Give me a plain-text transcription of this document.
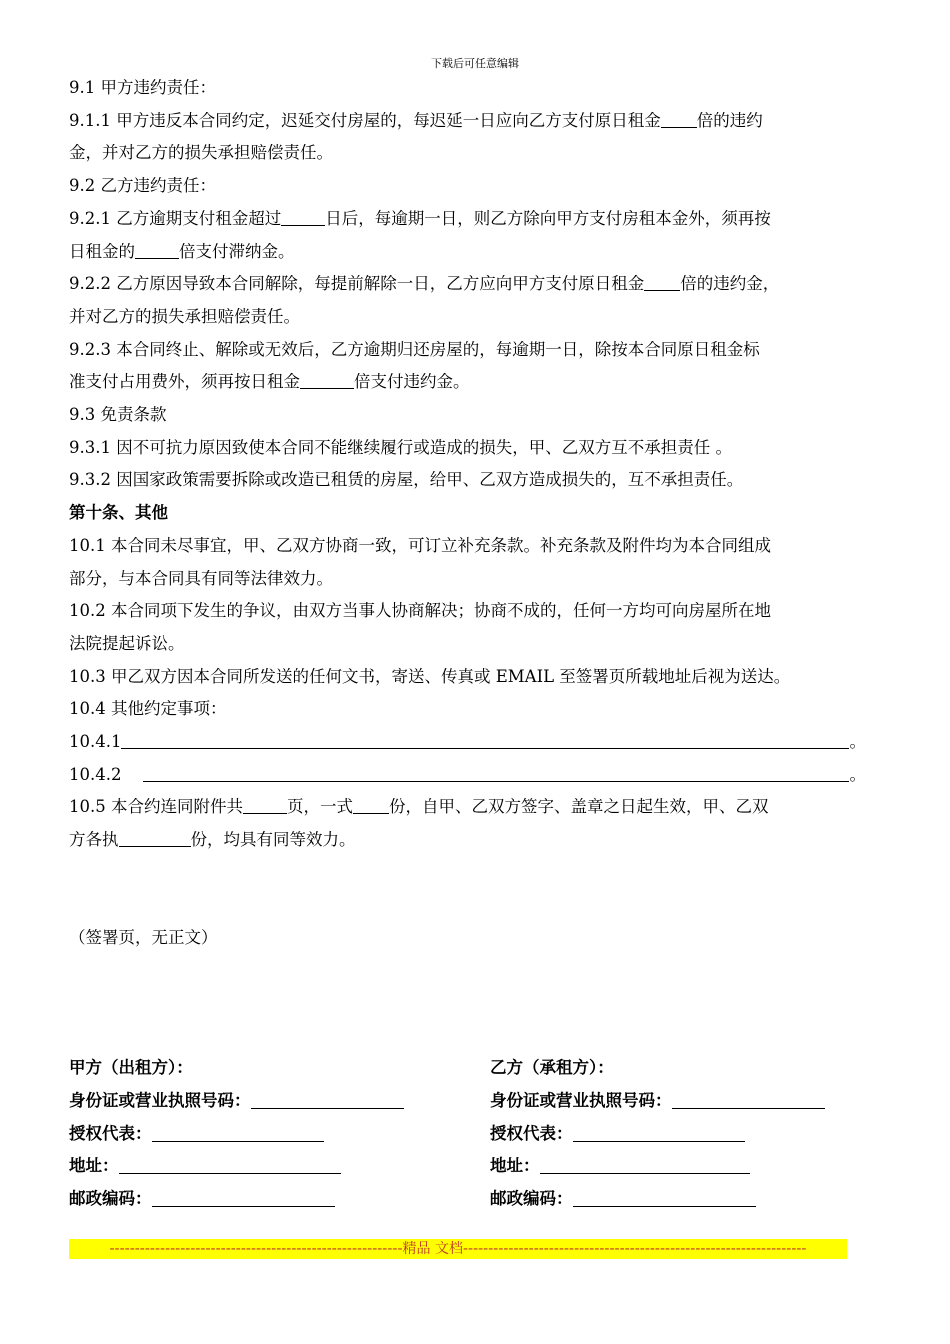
下载后可任意编辑

9.1 甲方违约责任：

9.1.1 甲方违反本合同约定，迟延交付房屋的，每迟延一日应向乙方支付原日租金 倍的违约

金，并对乙方的损失承担赔偿责任。

9.2 乙方违约责任：

9.2.1 乙方逾期支付租金超过	日后，每逾期一日，则乙方除向甲方支付房租本金外，须再按

日租金的	倍支付滞纳金。

9.2.2 乙方原因导致本合同解除，每提前解除一日，乙方应向甲方支付原日租金 倍的违约金，

并对乙方的损失承担赔偿责任。

9.2.3 本合同终止、解除或无效后，乙方逾期归还房屋的，每逾期一日，除按本合同原日租金标

准支付占用费外，须再按日租金	倍支付违约金。

9.3 免责条款

9.3.1 因不可抗力原因致使本合同不能继续履行或造成的损失，甲、乙双方互不承担责任 。

9.3.2 因国家政策需要拆除或改造已租赁的房屋，给甲、乙双方造成损失的，互不承担责任。

第十条、其他

10.1 本合同未尽事宜，甲、乙双方协商一致，可订立补充条款。补充条款及附件均为本合同组成

部分，与本合同具有同等法律效力。

10.2 本合同项下发生的争议，由双方当事人协商解决；协商不成的，任何一方均可向房屋所在地

法院提起诉讼。

10.3 甲乙双方因本合同所发送的任何文书，寄送、传真或 EMAIL 至签署页所载地址后视为送达。

10.4 其他约定事项：

10.4.1	。

10.4.2	。

10.5 本合约连同附件共	页，一式 份，自甲、乙双方签字、盖章之日起生效，甲、乙双

方各执	份，均具有同等效力。

（签署页，无正文）
甲方（出租方）：
身份证或营业执照号码：
授权代表：
地址：
邮政编码：
乙方（承租方）：
身份证或营业执照号码：
授权代表：
地址：
邮政编码：
----------------------------------------------------------精品 文档--------------------------------------------------------------------
